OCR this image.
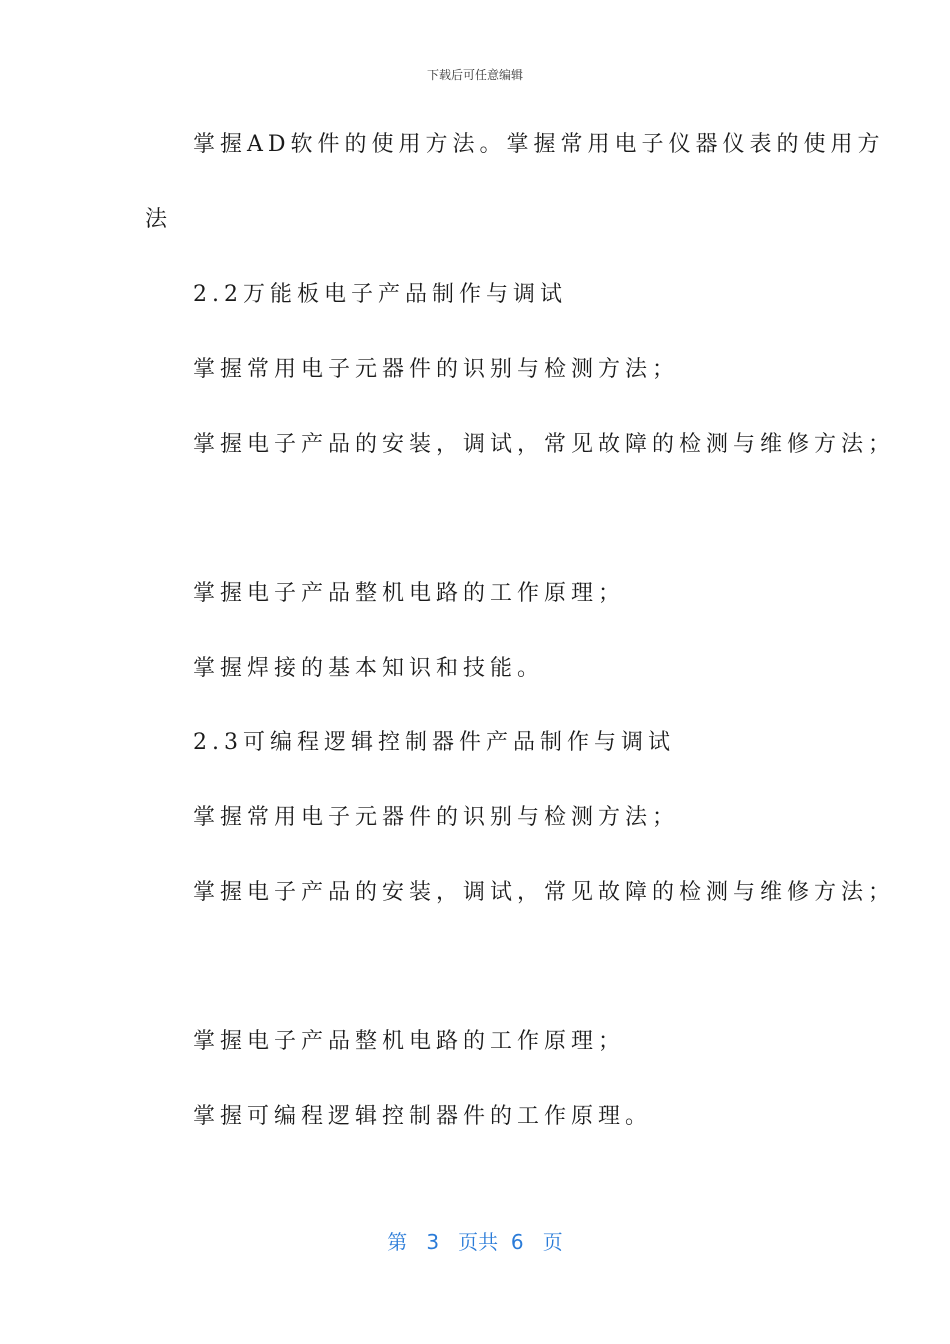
下载后可任意编辑
掌握AD软件的使用方法。掌握常用电子仪器仪表的使用方
法
2.2万能板电子产品制作与调试
掌握常用电子元器件的识别与检测方法；
掌握电子产品的安装，调试，常见故障的检测与维修方法；
掌握电子产品整机电路的工作原理；
掌握焊接的基本知识和技能。
2.3可编程逻辑控制器件产品制作与调试
掌握常用电子元器件的识别与检测方法；
掌握电子产品的安装，调试，常见故障的检测与维修方法；
掌握电子产品整机电路的工作原理；
掌握可编程逻辑控制器件的工作原理。
第 3 页共 6 页
